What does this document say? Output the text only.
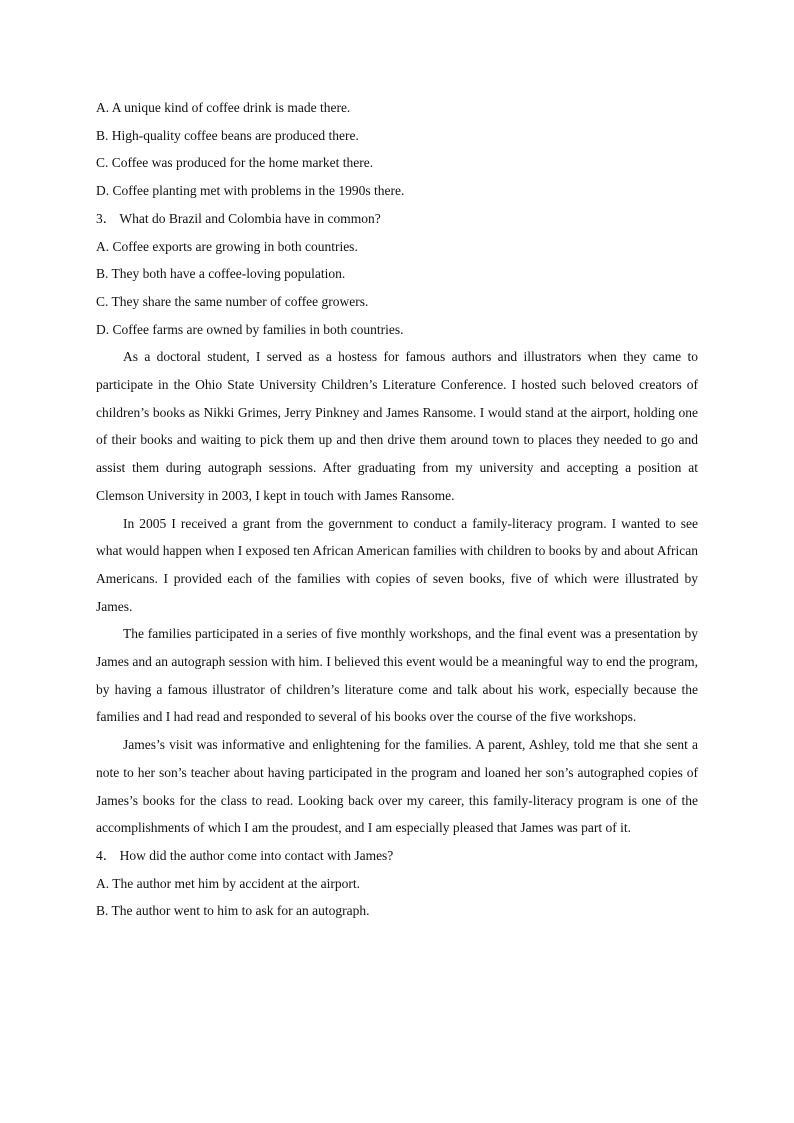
A. A unique kind of coffee drink is made there.

B. High-quality coffee beans are produced there.

C. Coffee was produced for the home market there.

D. Coffee planting met with problems in the 1990s there.

3． What do Brazil and Colombia have in common?

A. Coffee exports are growing in both countries.

B. They both have a coffee-loving population.

C. They share the same number of coffee growers.

D. Coffee farms are owned by families in both countries.

As a doctoral student, I served as a hostess for famous authors and illustrators when they came to participate in the Ohio State University Children’s Literature Conference. I hosted such beloved creators of children’s books as Nikki Grimes, Jerry Pinkney and James Ransome. I would stand at the airport, holding one of their books and waiting to pick them up and then drive them around town to places they needed to go and assist them during autograph sessions. After graduating from my university and accepting a position at Clemson University in 2003, I kept in touch with James Ransome.

In 2005 I received a grant from the government to conduct a family-literacy program. I wanted to see what would happen when I exposed ten African American families with children to books by and about African Americans. I provided each of the families with copies of seven books, five of which were illustrated by James.

The families participated in a series of five monthly workshops, and the final event was a presentation by James and an autograph session with him. I believed this event would be a meaningful way to end the program, by having a famous illustrator of children’s literature come and talk about his work, especially because the families and I had read and responded to several of his books over the course of the five workshops.

James’s visit was informative and enlightening for the families. A parent, Ashley, told me that she sent a note to her son’s teacher about having participated in the program and loaned her son’s autographed copies of James’s books for the class to read. Looking back over my career, this family-literacy program is one of the accomplishments of which I am the proudest, and I am especially pleased that James was part of it.

4． How did the author come into contact with James?

A. The author met him by accident at the airport.

B. The author went to him to ask for an autograph.
